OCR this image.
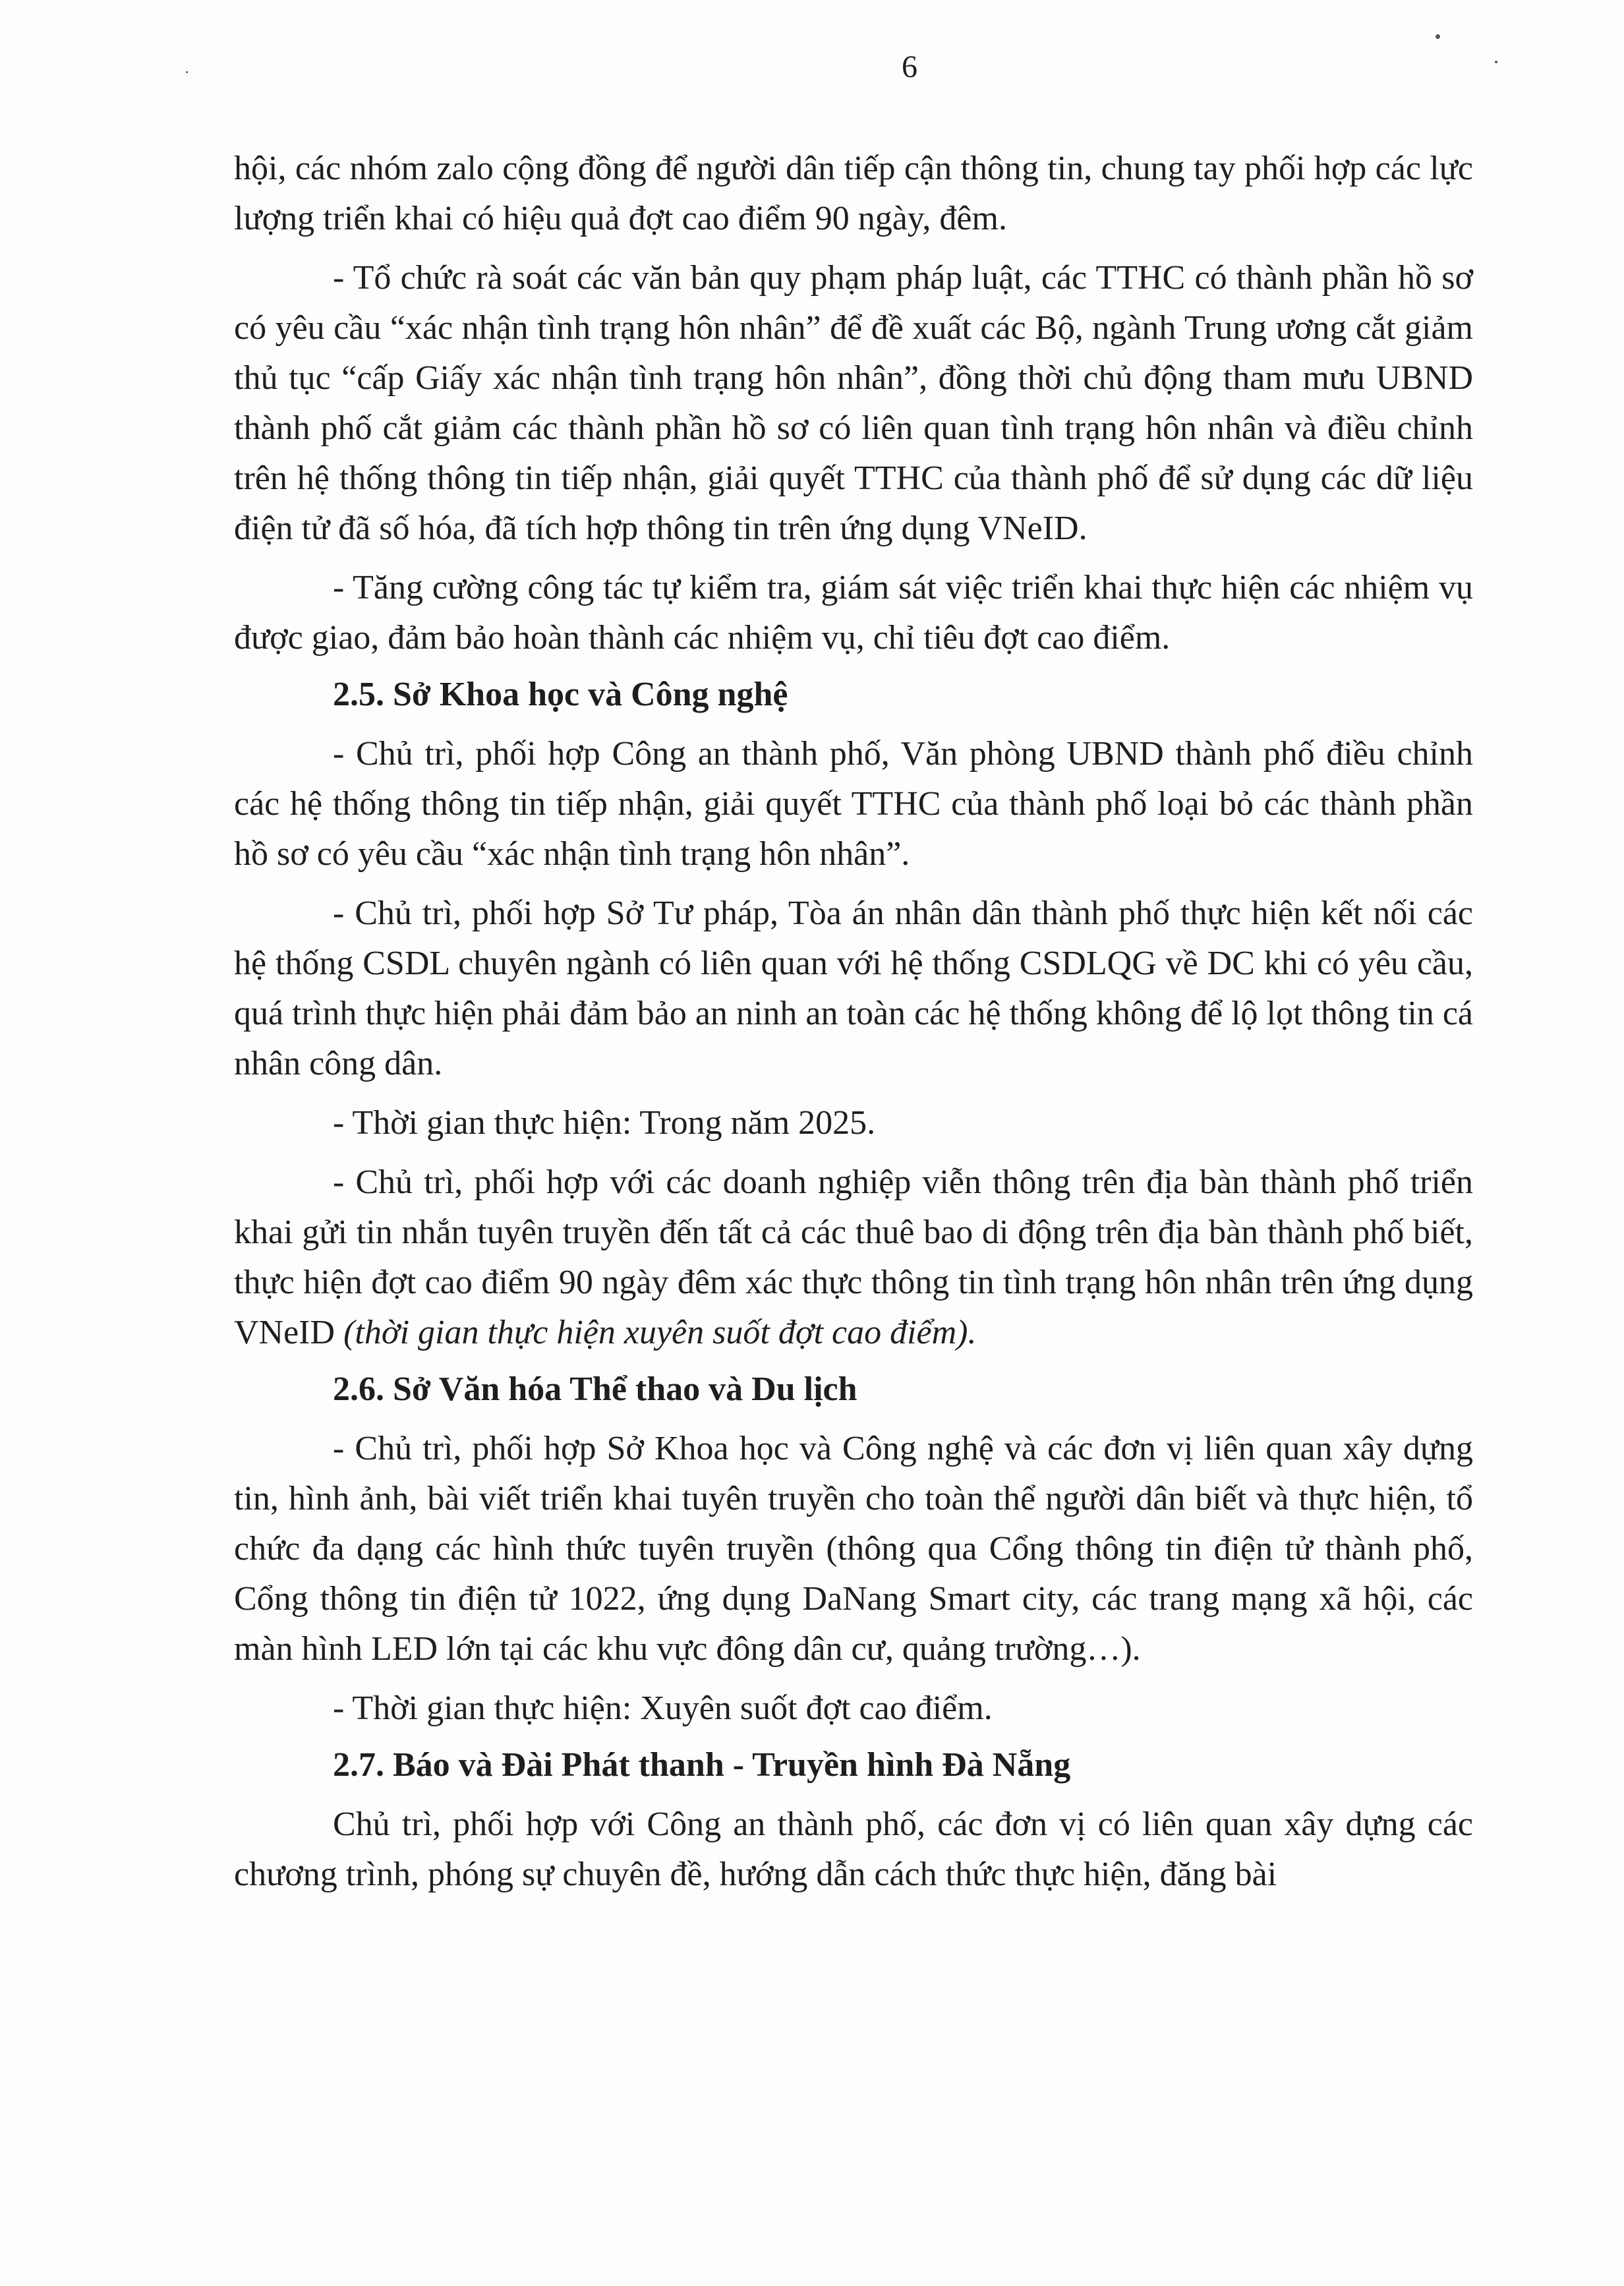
6

hội, các nhóm zalo cộng đồng để người dân tiếp cận thông tin, chung tay phối hợp các lực lượng triển khai có hiệu quả đợt cao điểm 90 ngày, đêm.

- Tổ chức rà soát các văn bản quy phạm pháp luật, các TTHC có thành phần hồ sơ có yêu cầu “xác nhận tình trạng hôn nhân” để đề xuất các Bộ, ngành Trung ương cắt giảm thủ tục “cấp Giấy xác nhận tình trạng hôn nhân”, đồng thời chủ động tham mưu UBND thành phố cắt giảm các thành phần hồ sơ có liên quan tình trạng hôn nhân và điều chỉnh trên hệ thống thông tin tiếp nhận, giải quyết TTHC của thành phố để sử dụng các dữ liệu điện tử đã số hóa, đã tích hợp thông tin trên ứng dụng VNeID.

- Tăng cường công tác tự kiểm tra, giám sát việc triển khai thực hiện các nhiệm vụ được giao, đảm bảo hoàn thành các nhiệm vụ, chỉ tiêu đợt cao điểm.

2.5. Sở Khoa học và Công nghệ

- Chủ trì, phối hợp Công an thành phố, Văn phòng UBND thành phố điều chỉnh các hệ thống thông tin tiếp nhận, giải quyết TTHC của thành phố loại bỏ các thành phần hồ sơ có yêu cầu “xác nhận tình trạng hôn nhân”.

- Chủ trì, phối hợp Sở Tư pháp, Tòa án nhân dân thành phố thực hiện kết nối các hệ thống CSDL chuyên ngành có liên quan với hệ thống CSDLQG về DC khi có yêu cầu, quá trình thực hiện phải đảm bảo an ninh an toàn các hệ thống không để lộ lọt thông tin cá nhân công dân.

- Thời gian thực hiện: Trong năm 2025.

- Chủ trì, phối hợp với các doanh nghiệp viễn thông trên địa bàn thành phố triển khai gửi tin nhắn tuyên truyền đến tất cả các thuê bao di động trên địa bàn thành phố biết, thực hiện đợt cao điểm 90 ngày đêm xác thực thông tin tình trạng hôn nhân trên ứng dụng VNeID (thời gian thực hiện xuyên suốt đợt cao điểm).

2.6. Sở Văn hóa Thể thao và Du lịch

- Chủ trì, phối hợp Sở Khoa học và Công nghệ và các đơn vị liên quan xây dựng tin, hình ảnh, bài viết triển khai tuyên truyền cho toàn thể người dân biết và thực hiện, tổ chức đa dạng các hình thức tuyên truyền (thông qua Cổng thông tin điện tử thành phố, Cổng thông tin điện tử 1022, ứng dụng DaNang Smart city, các trang mạng xã hội, các màn hình LED lớn tại các khu vực đông dân cư, quảng trường…).

- Thời gian thực hiện: Xuyên suốt đợt cao điểm.

2.7. Báo và Đài Phát thanh - Truyền hình Đà Nẵng

Chủ trì, phối hợp với Công an thành phố, các đơn vị có liên quan xây dựng các chương trình, phóng sự chuyên đề, hướng dẫn cách thức thực hiện, đăng bài
